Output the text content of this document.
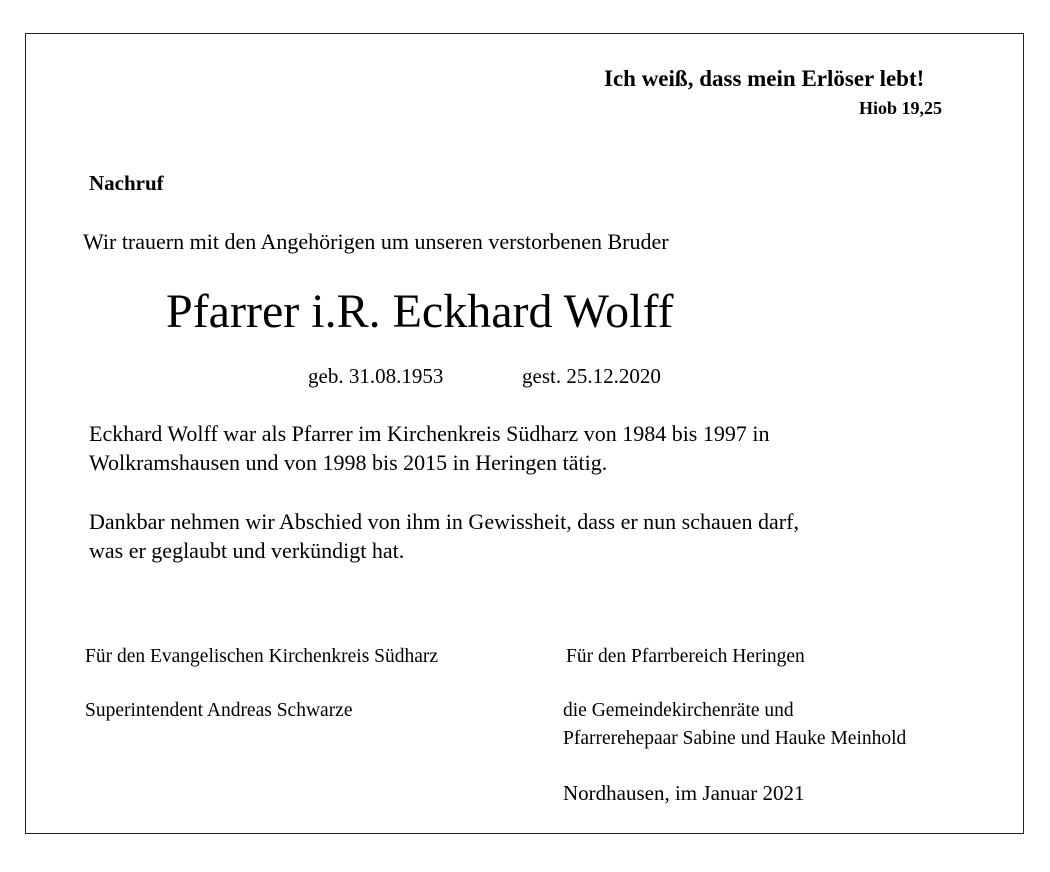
Ich weiß, dass mein Erlöser lebt!
Hiob 19,25
Nachruf
Wir trauern mit den Angehörigen um unseren verstorbenen Bruder
Pfarrer i.R. Eckhard Wolff
geb. 31.08.1953	gest. 25.12.2020
Eckhard Wolff war als Pfarrer im Kirchenkreis Südharz von 1984 bis 1997 in
Wolkramshausen und von 1998 bis 2015 in Heringen tätig.
Dankbar nehmen wir Abschied von ihm in Gewissheit, dass er nun schauen darf,
was er geglaubt und verkündigt hat.
Für den Evangelischen Kirchenkreis Südharz	Für den Pfarrbereich Heringen
Superintendent Andreas Schwarze	die Gemeindekirchenräte und
Pfarrerehepaar Sabine und Hauke Meinhold
Nordhausen, im Januar 2021
